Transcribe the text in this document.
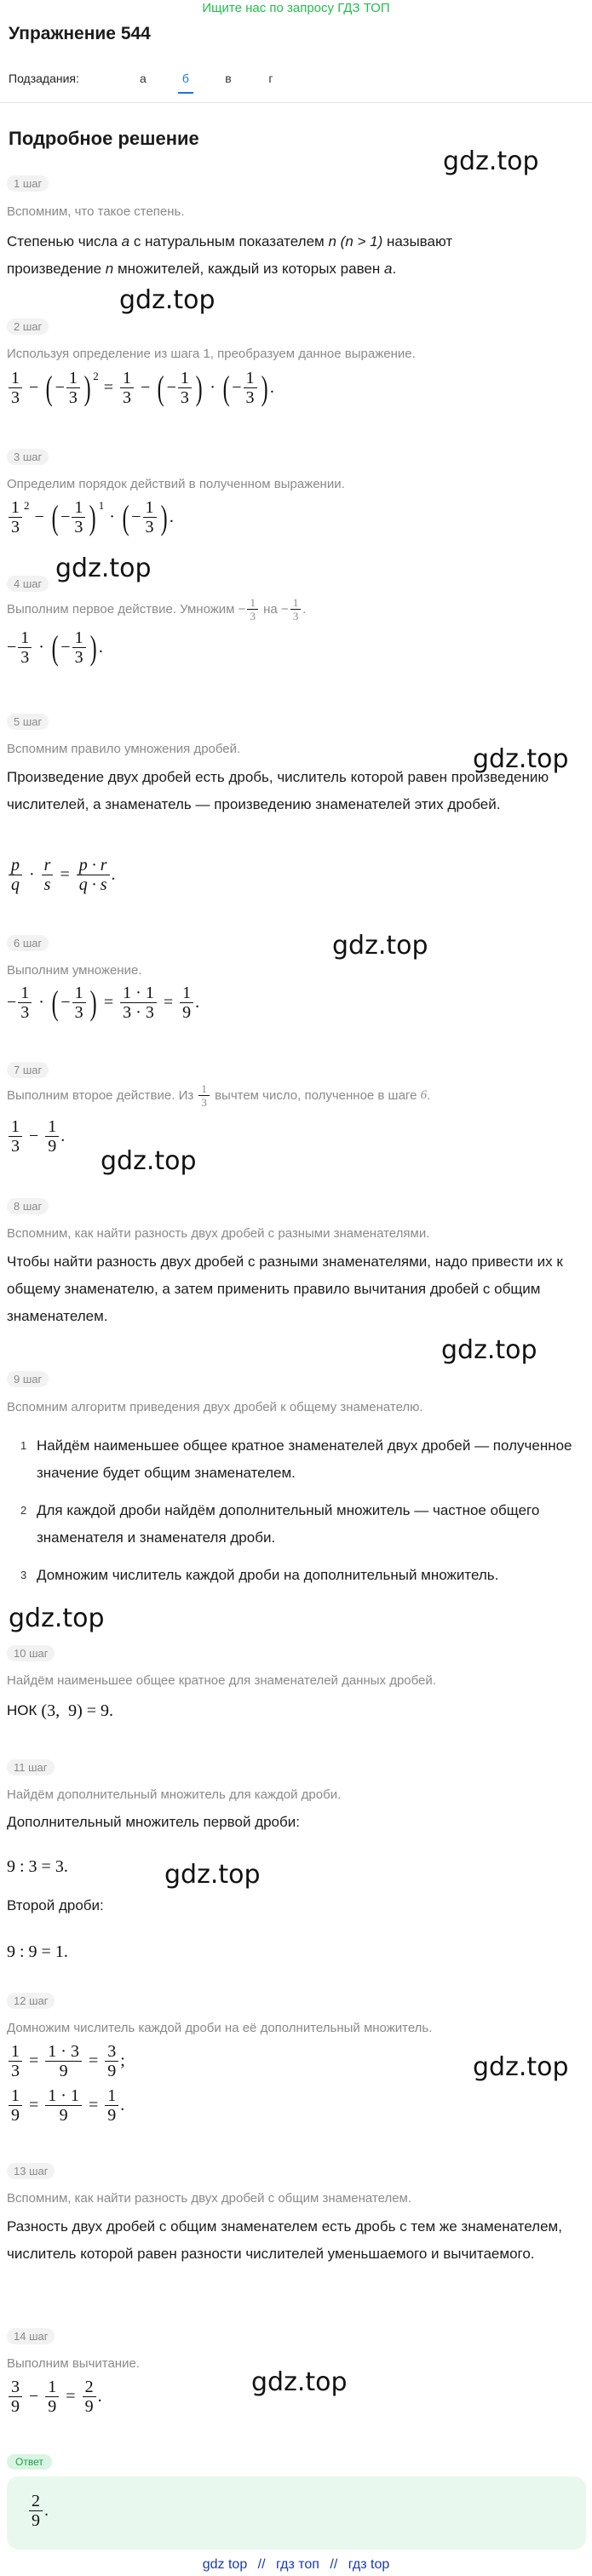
Ищите нас по запросу ГДЗ ТОП
Упражнение 544
Подзадания:	а	б	в	г
Подробное решение
gdz.top
gdz.top
gdz.top
gdz.top
gdz.top
gdz.top
gdz.top
gdz.top
gdz.top
gdz.top
gdz.top
1 шаг
Вспомним, что такое степень.
Степенью числа a с натуральным показателем n (n > 1) называют
произведение n множителей, каждый из которых равен a.
2 шаг
Используя определение из шага 1, преобразуем данное выражение.
1
3
− ( − 1
3 ) 2
= $\frac{1}{3}$ − ( − 1
3 ) · ( − 1
3 ) .
3 шаг
Определим порядок действий в полученном выражении.
1
3
2
− ( − 1
3 ) 1
· ( − 1
3 ) .
4 шаг
Выполним первое действие. Умножим − 1
3
на − 1
3 .
− 1
3
· ( − 1
3 ) .
5 шаг
Вспомним правило умножения дробей.
Произведение двух дробей есть дробь, числитель которой равен произведению числителей, а знаменатель — произведению знаменателей этих дробей.
p
q
· $\frac{r}{s} = \frac{p \cdot r}{q \cdot s}$ .
6 шаг
Выполним умножение.
− 1
3
· ( − 1
3 ) = $\frac{1 \cdot 1}{3 \cdot 3} = \frac{1}{9}$ .
7 шаг
Выполним второе действие. Из
1
3
вычтем число, полученное в шаге
6 .
1
3
− $\frac{1}{9}$ .
8 шаг
Вспомним, как найти разность двух дробей с разными знаменателями.
Чтобы найти разность двух дробей с разными знаменателями, надо привести их к общему знаменателю, а затем применить правило вычитания дробей с общим знаменателем.
9 шаг
Вспомним алгоритм приведения двух дробей к общему знаменателю.
1 Найдём наименьшее общее кратное знаменателей двух дробей — полученное значение будет общим знаменателем.
2 Для каждой дроби найдём дополнительный множитель — частное общего знаменателя и знаменателя дроби.
3 Домножим числитель каждой дроби на дополнительный множитель.
10 шаг
Найдём наименьшее общее кратное для знаменателей данных дробей.
НОК (3,  9) = 9.
11 шаг
Найдём дополнительный множитель для каждой дроби.
Дополнительный множитель первой дроби:
9 : 3 = 3.
Второй дроби:
9 : 9 = 1.
12 шаг
Домножим числитель каждой дроби на её дополнительный множитель.
$\frac{1}{3} = \frac{1 \cdot 3}{9} = \frac{3}{9}$ ;
$\frac{1}{9} = \frac{1 \cdot 1}{9} = \frac{1}{9}$ .
13 шаг
Вспомним, как найти разность двух дробей с общим знаменателем.
Разность двух дробей с общим знаменателем есть дробь с тем же знаменателем, числитель которой равен разности числителей уменьшаемого и вычитаемого.
14 шаг
Выполним вычитание.
3
9
− $\frac{1}{9} = \frac{2}{9}$ .
Ответ
2
9
.
gdz top // гдз топ // гдз top
